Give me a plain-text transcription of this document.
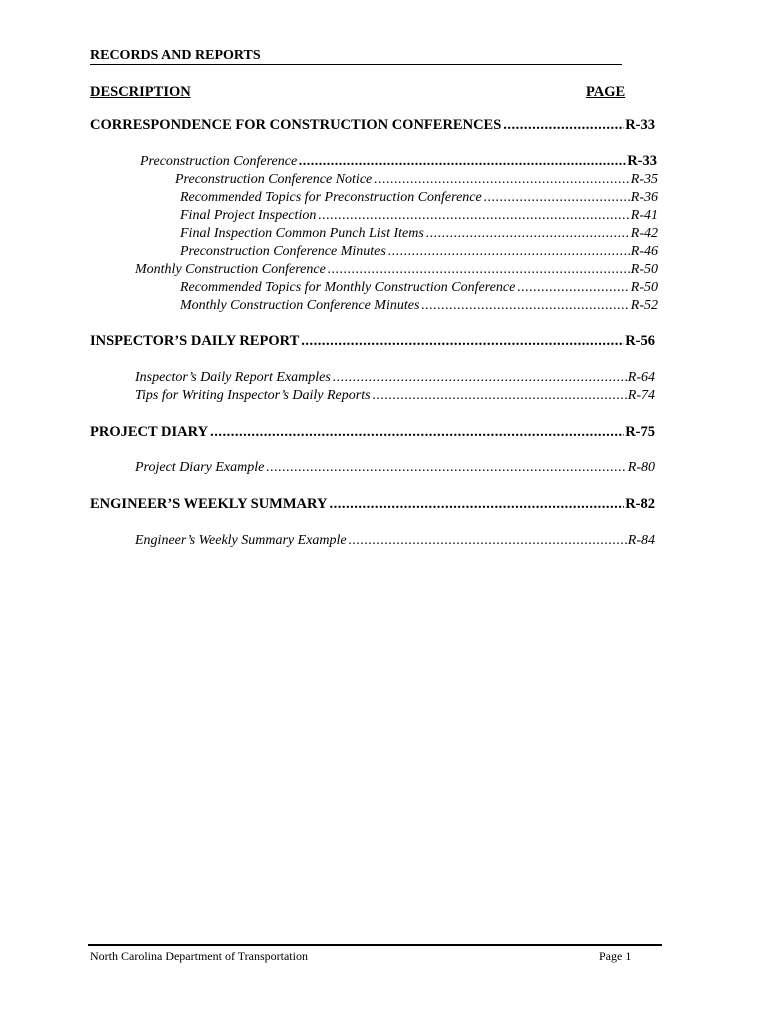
RECORDS AND REPORTS
DESCRIPTION	PAGE
CORRESPONDENCE FOR CONSTRUCTION CONFERENCES .....	R-33
Preconstruction Conference .....	R-33
Preconstruction Conference Notice .....	R-35
Recommended Topics for Preconstruction Conference .....	R-36
Final Project Inspection .....	R-41
Final Inspection Common Punch List Items .....	R-42
Preconstruction Conference Minutes .....	R-46
Monthly Construction Conference .....	R-50
Recommended Topics for Monthly Construction Conference .....	R-50
Monthly Construction Conference Minutes .....	R-52
INSPECTOR’S DAILY REPORT .....	R-56
Inspector’s Daily Report Examples .....	R-64
Tips for Writing Inspector’s Daily Reports .....	R-74
PROJECT DIARY .....	R-75
Project Diary Example .....	R-80
ENGINEER’S WEEKLY SUMMARY .....	R-82
Engineer’s Weekly Summary Example .....	R-84
North Carolina Department of Transportation	Page 1
